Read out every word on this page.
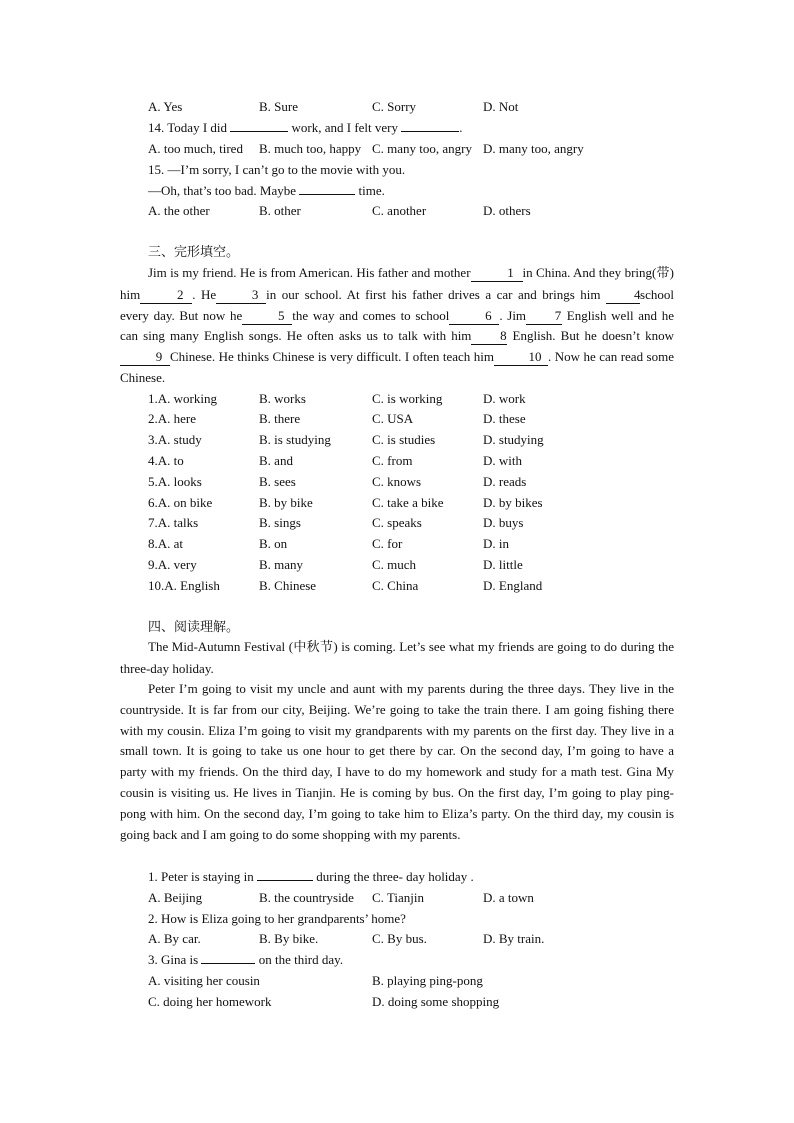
A. Yes	B. Sure	C. Sorry	D. Not
14. Today I did	work, and I felt very	.
A. too much, tired B. much too, happy C. many too, angry D. many too, angry
15. —I’m sorry, I can’t go to the movie with you.
—Oh, that’s too bad. Maybe	time.
A. the other	B. other	C. another	D. others
三、完形填空。
Jim is my friend. He is from American. His father and mother	1 in China. And they bring(带) him	2 . He	3 in our school. At first his father drives a car and brings him 4school every day. But now he	5 the way and comes to school	6 . Jim 7 English well and he can sing many English songs. He often asks us to talk with him 8 English. But he doesn’t know9 Chinese. He thinks Chinese is very difficult. I often teach him	10 . Now he can read some Chinese.
1.A. working	B. works	C. is working	D. work
2.A. here	B. there	C. USA	D. these
3.A. study	B. is studying	C. is studies	D. studying
4.A. to	B. and	C. from	D. with
5.A. looks	B. sees	C. knows	D. reads
6.A. on bike	B. by bike	C. take a bike	D. by bikes
7.A. talks	B. sings	C. speaks	D. buys
8.A. at	B. on	C. for	D. in
9.A. very	B. many	C. much	D. little
10.A. English	B. Chinese	C. China	D. England
四、阅读理解。
The Mid-Autumn Festival (中秋节) is coming. Let’s see what my friends are going to do during the three-day holiday.
Peter I’m going to visit my uncle and aunt with my parents during the three days. They live in the countryside. It is far from our city, Beijing. We’re going to take the train there. I am going fishing there with my cousin. Eliza I’m going to visit my grandparents with my parents on the first day. They live in a small town. It is going to take us one hour to get there by car. On the second day, I’m going to have a party with my friends. On the third day, I have to do my homework and study for a math test. Gina My cousin is visiting us. He lives in Tianjin. He is coming by bus. On the first day, I’m going to play ping-pong with him. On the second day, I’m going to take him to Eliza’s party. On the third day, my cousin is going back and I am going to do some shopping with my parents.
1. Peter is staying in	during the three- day holiday .
A. Beijing	B. the countryside C. Tianjin	D. a town
2. How is Eliza going to her grandparents’ home?
A. By car.	B. By bike.	C. By bus.	D. By train.
3. Gina is	on the third day.
A. visiting her cousin	B. playing ping-pong
C. doing her homework	D. doing some shopping
